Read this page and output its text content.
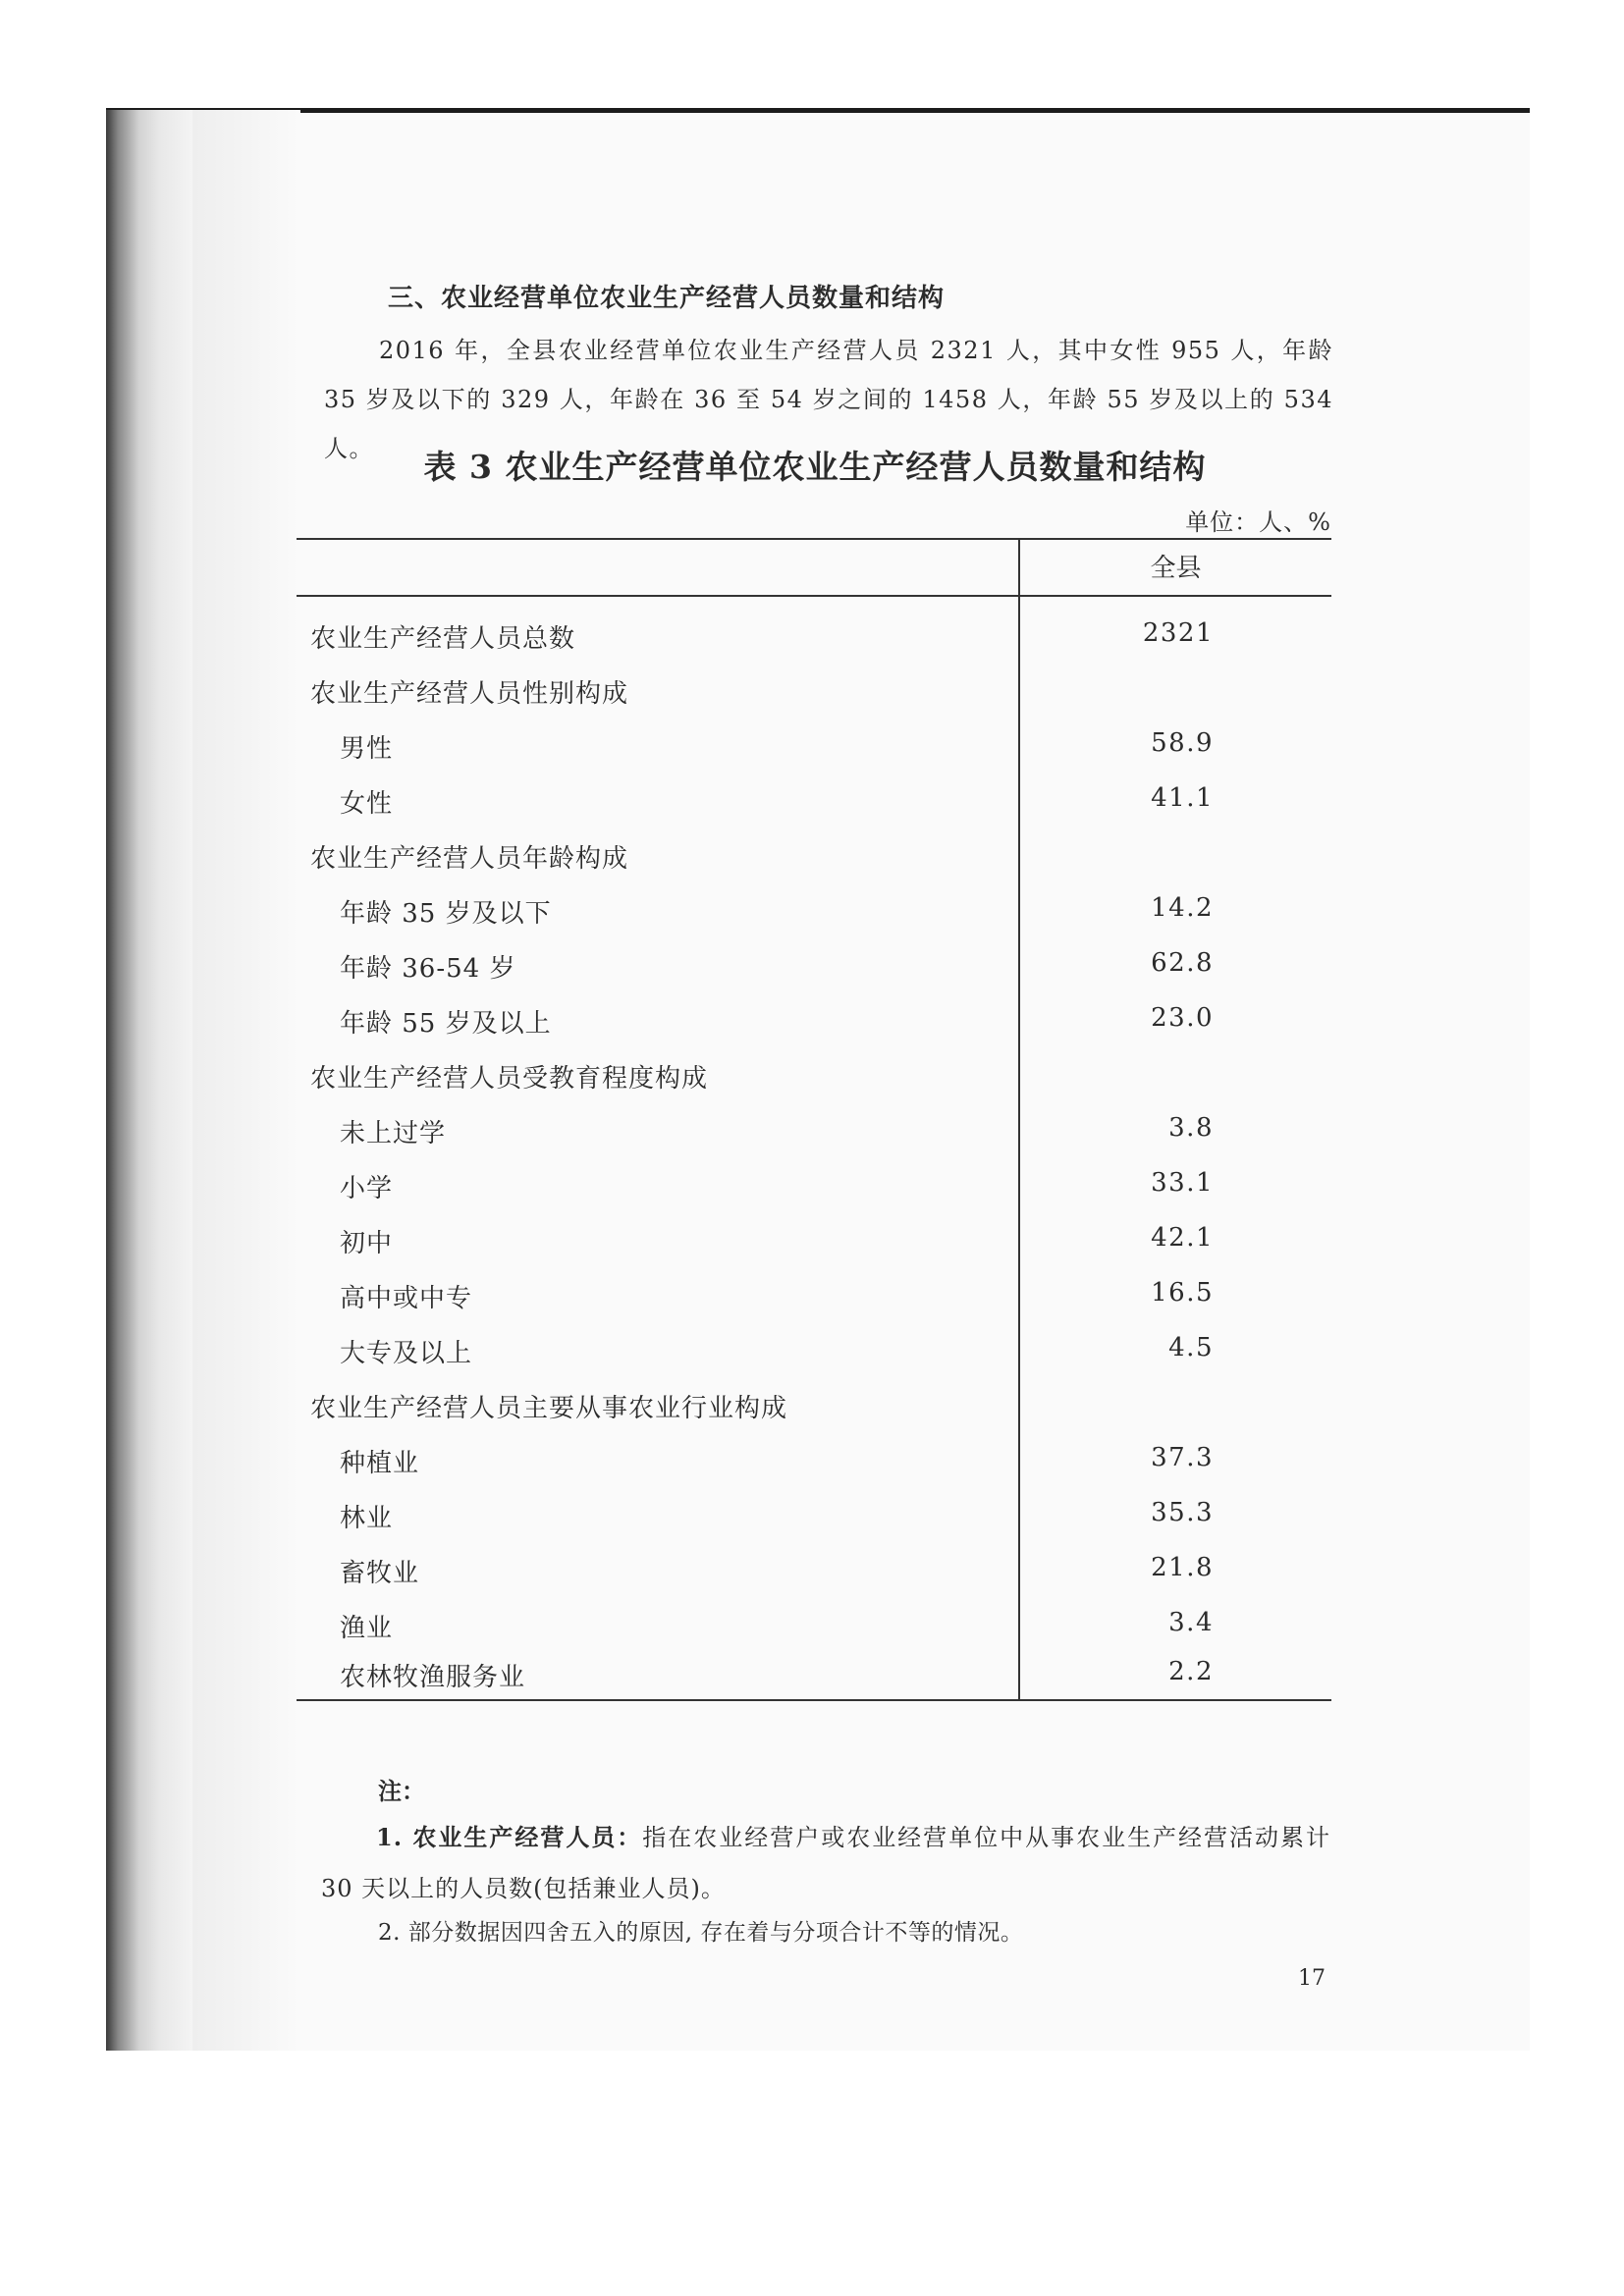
三、农业经营单位农业生产经营人员数量和结构

2016 年，全县农业经营单位农业生产经营人员 2321 人，其中女性 955 人，年龄 35 岁及以下的 329 人，年龄在 36 至 54 岁之间的 1458 人，年龄 55 岁及以上的 534 人。	表 3 农业生产经营单位农业生产经营人员数量和结构
单位：人、%
全县
农业生产经营人员总数	2321
农业生产经营人员性别构成
男性	58.9
女性	41.1
农业生产经营人员年龄构成
年龄 35 岁及以下	14.2
年龄 36-54 岁	62.8
年龄 55 岁及以上	23.0
农业生产经营人员受教育程度构成
未上过学	3.8
小学	33.1
初中	42.1
高中或中专	16.5
大专及以上	4.5
农业生产经营人员主要从事农业行业构成
种植业	37.3
林业	35.3
畜牧业	21.8
渔业	3.4
农林牧渔服务业	2.2
注：

1. 农业生产经营人员：指在农业经营户或农业经营单位中从事农业生产经营活动累计 30 天以上的人员数(包括兼业人员)。

2. 部分数据因四舍五入的原因, 存在着与分项合计不等的情况。
17
